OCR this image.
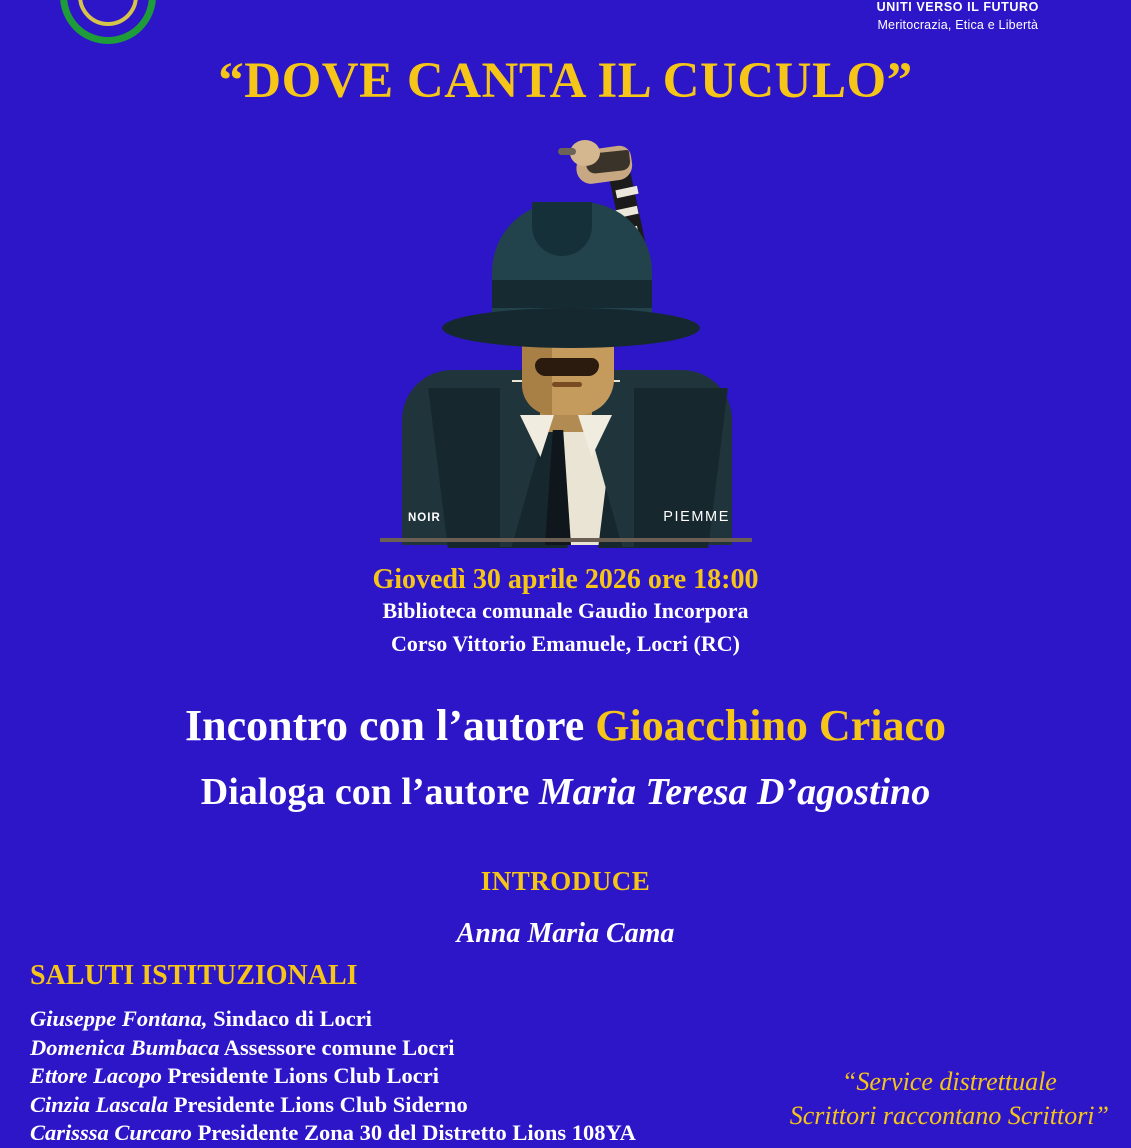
UNITI VERSO IL FUTURO
Meritocrazia, Etica e Libertà
“DOVE CANTA IL CUCULO”
NOIR	PIEMME
Giovedì 30 aprile 2026 ore 18:00
Biblioteca comunale Gaudio Incorpora
Corso Vittorio Emanuele, Locri (RC)
Incontro con l’autore Gioacchino Criaco
Dialoga con l’autore Maria Teresa D’agostino
INTRODUCE
Anna Maria Cama
SALUTI ISTITUZIONALI
Giuseppe Fontana, Sindaco di Locri
Domenica Bumbaca Assessore comune Locri
Ettore Lacopo Presidente Lions Club Locri
Cinzia Lascala Presidente Lions Club Siderno
Carisssa Curcaro Presidente Zona 30 del Distretto Lions 108YA
“Service distrettuale
Scrittori raccontano Scrittori”
